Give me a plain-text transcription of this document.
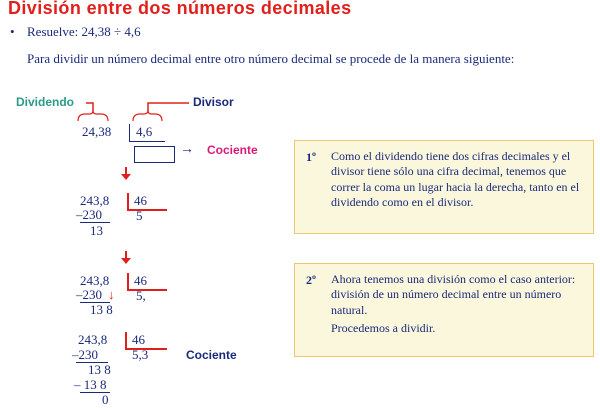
División entre dos números decimales
• Resuelve: 24,38 ÷ 4,6
Para dividir un número decimal entre otro número decimal se procede de la manera siguiente:
Dividendo	Divisor
Cociente
→
24,38 4,6
243,8 46
–230	5
13
243,8 46
–230 ↓ 5,
13 8
243,8 46
–230	5,3	Cociente
13 8
– 13 8
0
1º Como el dividendo tiene dos cifras decimales y el divisor tiene sólo una cifra decimal, tenemos que correr la coma un lugar hacia la derecha, tanto en el dividendo como en el divisor.
2º Ahora tenemos una división como el caso anterior: división de un número decimal entre un número natural.
Procedemos a dividir.
